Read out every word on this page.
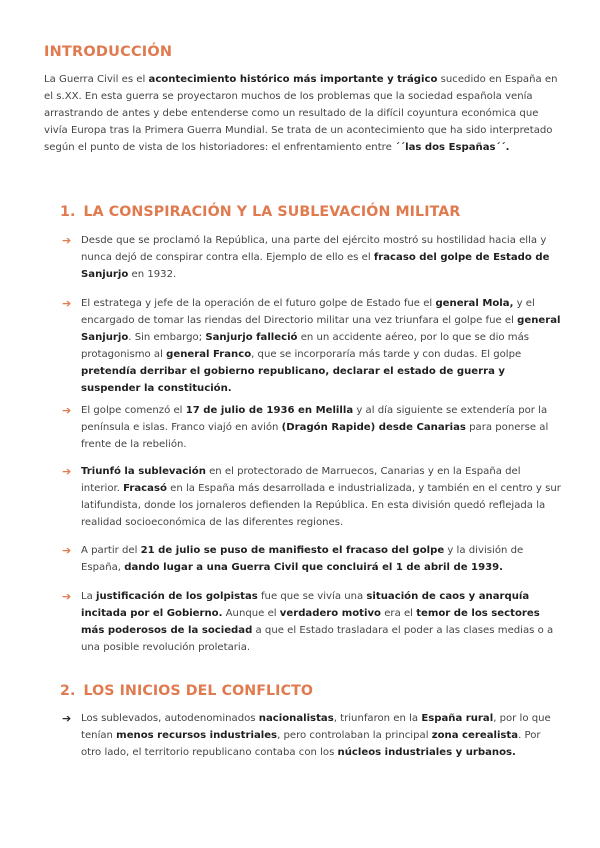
INTRODUCCIÓN
La Guerra Civil es el acontecimiento histórico más importante y trágico sucedido en España en el s.XX. En esta guerra se proyectaron muchos de los problemas que la sociedad española venía arrastrando de antes y debe entenderse como un resultado de la difícil coyuntura económica que vivía Europa tras la Primera Guerra Mundial. Se trata de un acontecimiento que ha sido interpretado según el punto de vista de los historiadores: el enfrentamiento entre ´´las dos Españas´´.
1. LA CONSPIRACIÓN Y LA SUBLEVACIÓN MILITAR
➔ Desde que se proclamó la República, una parte del ejército mostró su hostilidad hacia ella y nunca dejó de conspirar contra ella. Ejemplo de ello es el fracaso del golpe de Estado de Sanjurjo en 1932.
➔ El estratega y jefe de la operación de el futuro golpe de Estado fue el general Mola, y el encargado de tomar las riendas del Directorio militar una vez triunfara el golpe fue el general Sanjurjo. Sin embargo; Sanjurjo falleció en un accidente aéreo, por lo que se dio más protagonismo al general Franco, que se incorporaría más tarde y con dudas. El golpe pretendía derribar el gobierno republicano, declarar el estado de guerra y suspender la constitución.
➔ El golpe comenzó el 17 de julio de 1936 en Melilla y al día siguiente se extendería por la península e islas. Franco viajó en avión (Dragón Rapide) desde Canarias para ponerse al frente de la rebelión.
➔ Triunfó la sublevación en el protectorado de Marruecos, Canarias y en la España del interior. Fracasó en la España más desarrollada e industrializada, y también en el centro y sur latifundista, donde los jornaleros defienden la República. En esta división quedó reflejada la realidad socioeconómica de las diferentes regiones.
➔ A partir del 21 de julio se puso de manifiesto el fracaso del golpe y la división de España, dando lugar a una Guerra Civil que concluirá el 1 de abril de 1939.
➔ La justificación de los golpistas fue que se vivía una situación de caos y anarquía incitada por el Gobierno. Aunque el verdadero motivo era el temor de los sectores más poderosos de la sociedad a que el Estado trasladara el poder a las clases medias o a una posible revolución proletaria.
2. LOS INICIOS DEL CONFLICTO
➔ Los sublevados, autodenominados nacionalistas, triunfaron en la España rural, por lo que tenían menos recursos industriales, pero controlaban la principal zona cerealista. Por otro lado, el territorio republicano contaba con los núcleos industriales y urbanos.
